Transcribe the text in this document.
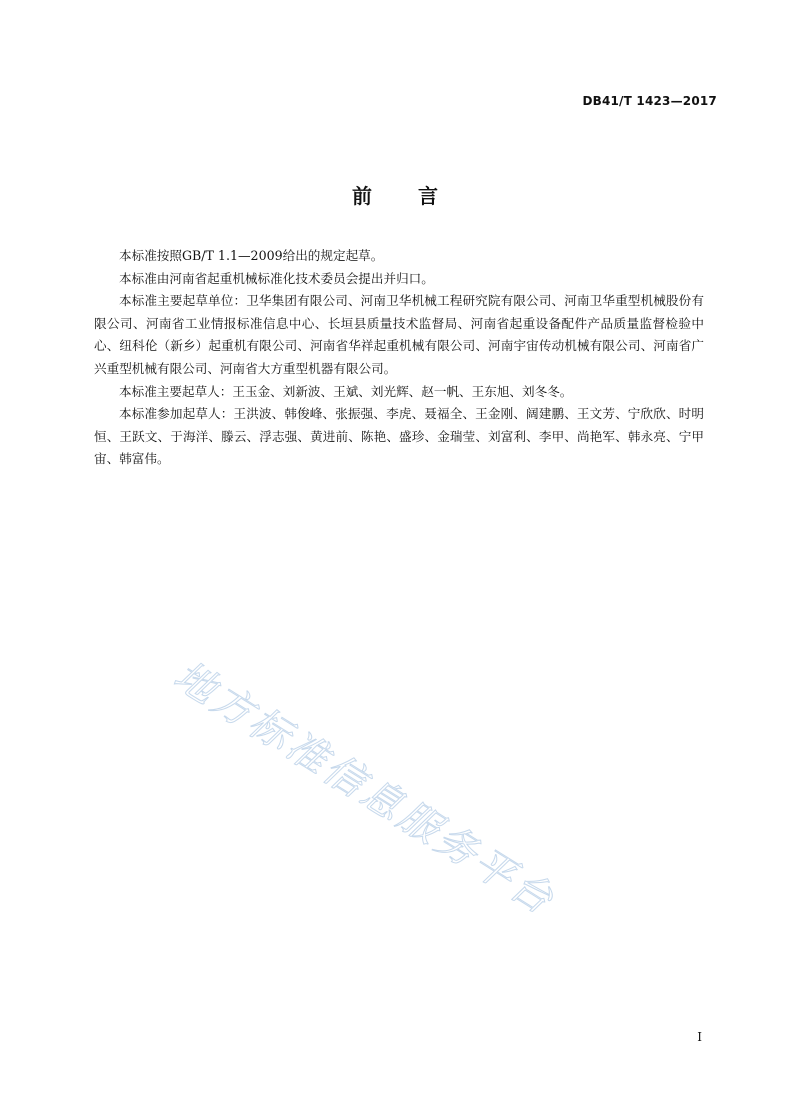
DB41/T 1423—2017
前 言

本标准按照GB/T 1.1—2009给出的规定起草。

本标准由河南省起重机械标准化技术委员会提出并归口。

本标准主要起草单位：卫华集团有限公司、河南卫华机械工程研究院有限公司、河南卫华重型机械股份有限公司、河南省工业情报标准信息中心、长垣县质量技术监督局、河南省起重设备配件产品质量监督检验中心、纽科伦（新乡）起重机有限公司、河南省华祥起重机械有限公司、河南宇宙传动机械有限公司、河南省广兴重型机械有限公司、河南省大方重型机器有限公司。

本标准主要起草人：王玉金、刘新波、王斌、刘光辉、赵一帆、王东旭、刘冬冬。

本标准参加起草人：王洪波、韩俊峰、张振强、李虎、聂福全、王金刚、阔建鹏、王文芳、宁欣欣、时明恒、王跃文、于海洋、滕云、浮志强、黄进前、陈艳、盛珍、金瑞莹、刘富利、李甲、尚艳军、韩永亮、宁甲宙、韩富伟。

地方标准信息服务平台
I
